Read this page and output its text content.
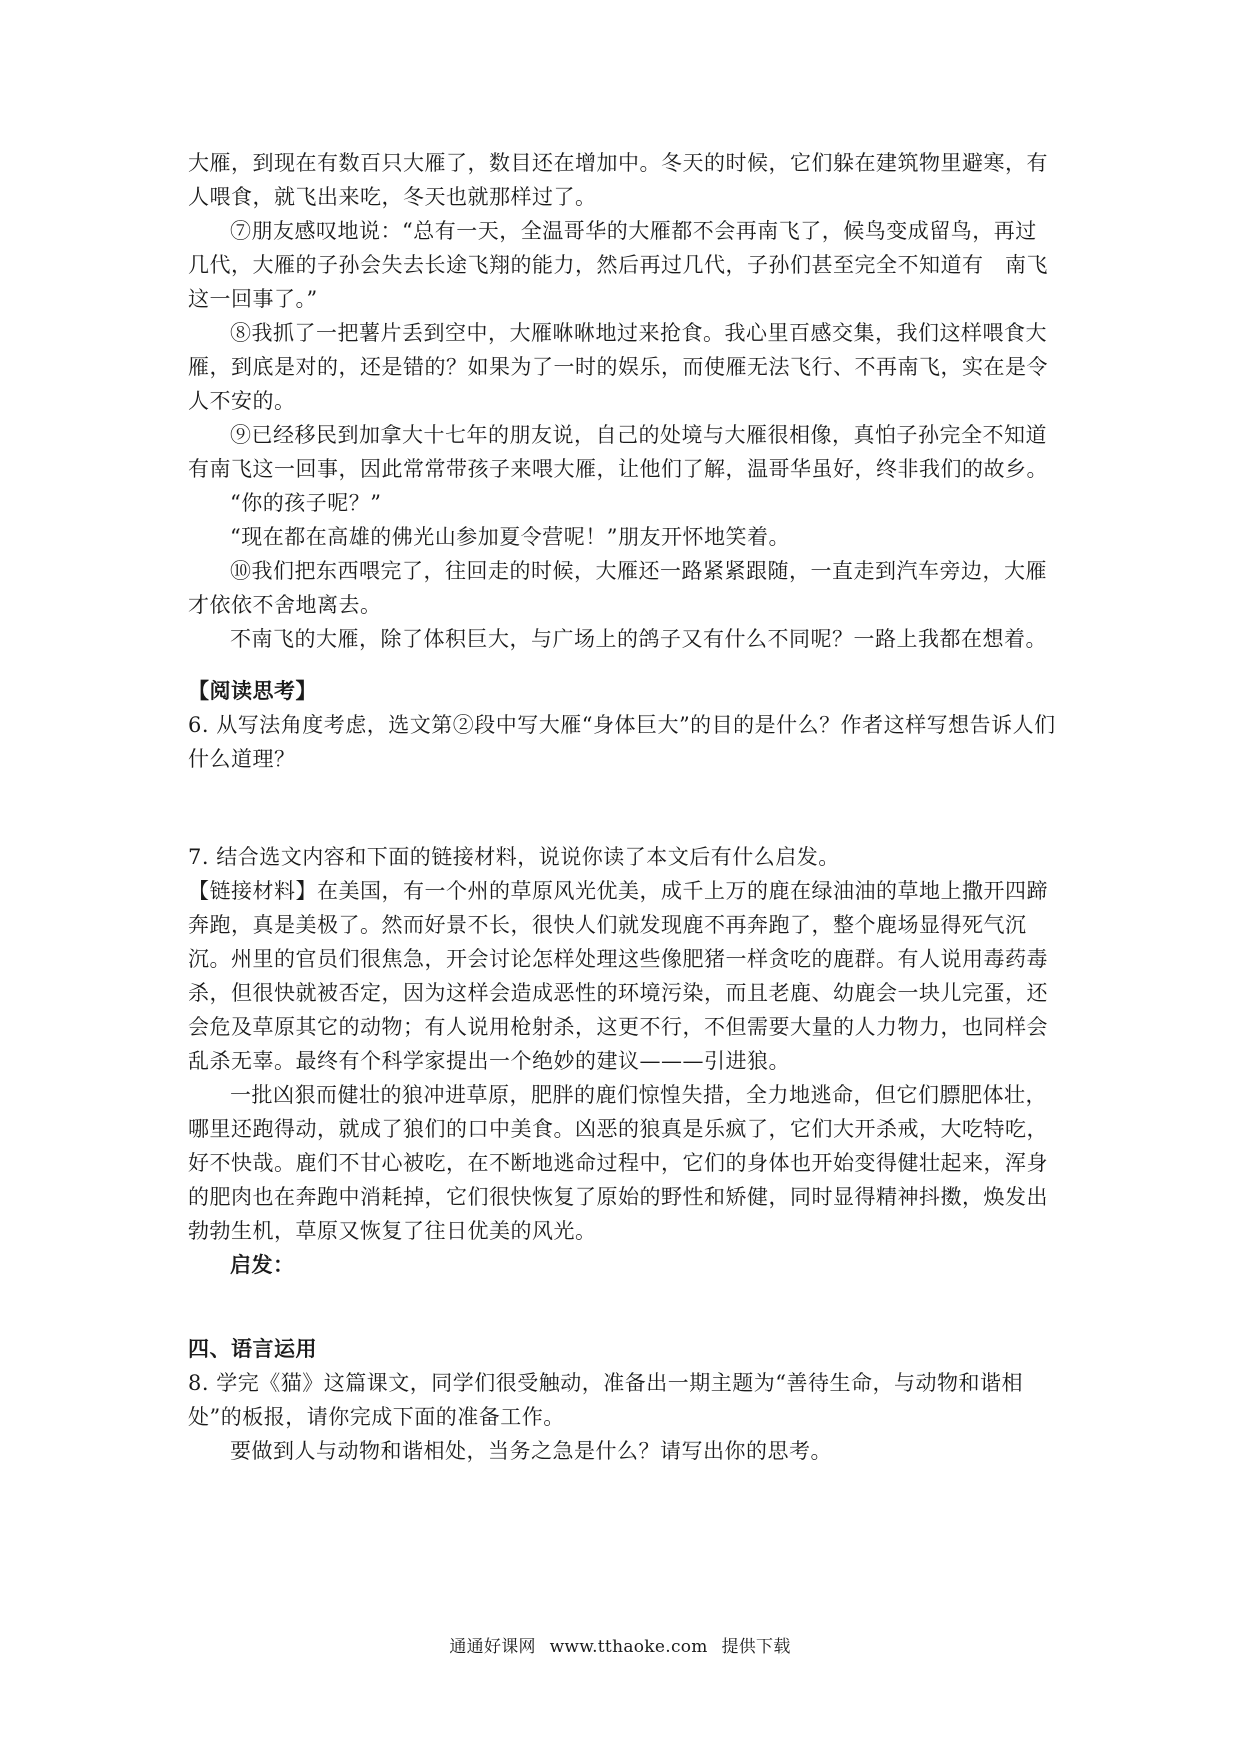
大雁，到现在有数百只大雁了，数目还在增加中。冬天的时候，它们躲在建筑物里避寒，有人喂食，就飞出来吃，冬天也就那样过了。

⑦朋友感叹地说：“总有一天，全温哥华的大雁都不会再南飞了，候鸟变成留鸟，再过几代，大雁的子孙会失去长途飞翔的能力，然后再过几代，子孙们甚至完全不知道有　南飞这一回事了。”

⑧我抓了一把薯片丢到空中，大雁咻咻地过来抢食。我心里百感交集，我们这样喂食大雁，到底是对的，还是错的？如果为了一时的娱乐，而使雁无法飞行、不再南飞，实在是令人不安的。

⑨已经移民到加拿大十七年的朋友说，自己的处境与大雁很相像，真怕子孙完全不知道有南飞这一回事，因此常常带孩子来喂大雁，让他们了解，温哥华虽好，终非我们的故乡。

“你的孩子呢？”

“现在都在高雄的佛光山参加夏令营呢！”朋友开怀地笑着。

⑩我们把东西喂完了，往回走的时候，大雁还一路紧紧跟随，一直走到汽车旁边，大雁才依依不舍地离去。

不南飞的大雁，除了体积巨大，与广场上的鸽子又有什么不同呢？一路上我都在想着。

【阅读思考】

6. 从写法角度考虑，选文第②段中写大雁“身体巨大”的目的是什么？作者这样写想告诉人们什么道理？

7. 结合选文内容和下面的链接材料，说说你读了本文后有什么启发。

【链接材料】在美国，有一个州的草原风光优美，成千上万的鹿在绿油油的草地上撒开四蹄奔跑，真是美极了。然而好景不长，很快人们就发现鹿不再奔跑了，整个鹿场显得死气沉沉。州里的官员们很焦急，开会讨论怎样处理这些像肥猪一样贪吃的鹿群。有人说用毒药毒杀，但很快就被否定，因为这样会造成恶性的环境污染，而且老鹿、幼鹿会一块儿完蛋，还会危及草原其它的动物；有人说用枪射杀，这更不行，不但需要大量的人力物力，也同样会乱杀无辜。最终有个科学家提出一个绝妙的建议———引进狼。

一批凶狠而健壮的狼冲进草原，肥胖的鹿们惊惶失措，全力地逃命，但它们膘肥体壮，哪里还跑得动，就成了狼们的口中美食。凶恶的狼真是乐疯了，它们大开杀戒，大吃特吃，好不快哉。鹿们不甘心被吃，在不断地逃命过程中，它们的身体也开始变得健壮起来，浑身的肥肉也在奔跑中消耗掉，它们很快恢复了原始的野性和矫健，同时显得精神抖擞，焕发出勃勃生机，草原又恢复了往日优美的风光。

启发：

四、语言运用

8. 学完《猫》这篇课文，同学们很受触动，准备出一期主题为“善待生命，与动物和谐相处”的板报，请你完成下面的准备工作。

要做到人与动物和谐相处，当务之急是什么？请写出你的思考。

通通好课网 www.tthaoke.com 提供下载
